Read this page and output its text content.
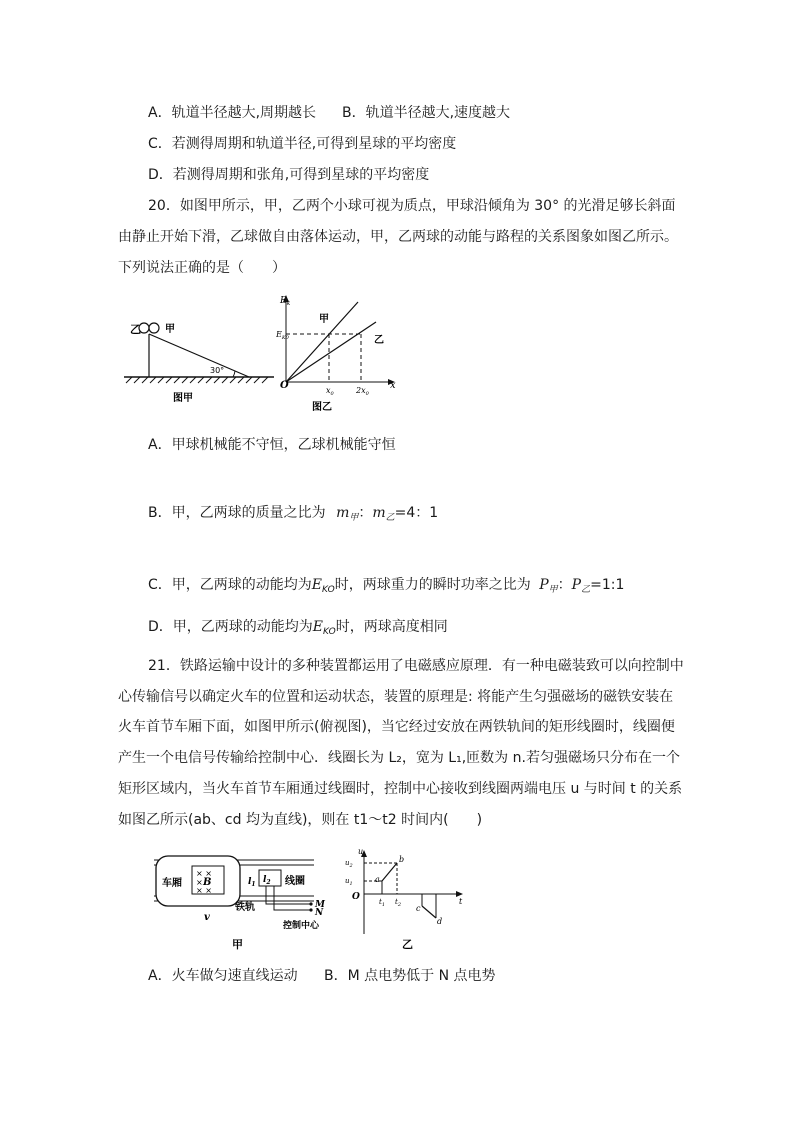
A．轨道半径越大,周期越长 B．轨道半径越大,速度越大
C．若测得周期和轨道半径,可得到星球的平均密度
D．若测得周期和张角,可得到星球的平均密度
20．如图甲所示，甲，乙两个小球可视为质点，甲球沿倾角为 30° 的光滑足够长斜面
由静止开始下滑，乙球做自由落体运动，甲，乙两球的动能与路程的关系图象如图乙所示。
下列说法正确的是（　　）
乙 甲
30°
图甲
$E_k$
$E_{K0}$
O	x
$x_0$	$2x_0$
甲
乙
图乙
A．甲球机械能不守恒，乙球机械能守恒
B．甲，乙两球的质量之比为 $m_甲$：$m_乙=4$：1
C．甲，乙两球的动能均为$E_{KO}$时，两球重力的瞬时功率之比为 $P_甲$：$P_乙=1:1$
D．甲，乙两球的动能均为$E_{KO}$时，两球高度相同
21．铁路运输中设计的多种装置都运用了电磁感应原理．有一种电磁装致可以向控制中
心传输信号以确定火车的位置和运动状态，装置的原理是: 将能产生匀强磁场的磁铁安装在
火车首节车厢下面，如图甲所示(俯视图)，当它经过安放在两铁轨间的矩形线圈时，线圈便
产生一个电信号传输给控制中心．线圈长为 L₂，宽为 L₁,匝数为 n.若匀强磁场只分布在一个
矩形区域内，当火车首节车厢通过线圈时，控制中心接收到线圈两端电压 u 与时间 t 的关系
如图乙所示(ab、cd 均为直线)，则在 t1～t2 时间内(　　)
× ×
×
× ×
B
车厢	$l_2$
$l_1$	线圈
M
N
铁轨
控制中心
v
甲
u
$u_2$
$u_1$
O	t
$t_1$ $t_2$
a
b
c
d
乙
A．火车做匀速直线运动 B．M 点电势低于 N 点电势
